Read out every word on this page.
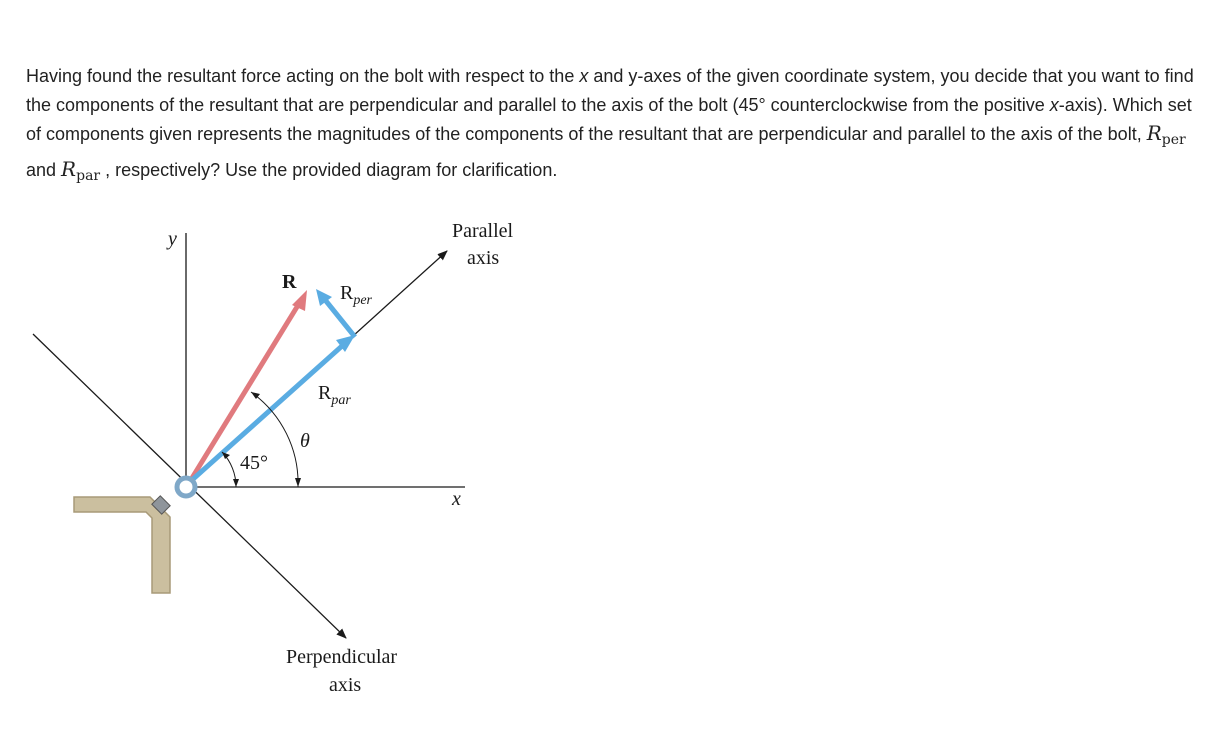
Having found the resultant force acting on the bolt with respect to the x and y-axes of the given coordinate system, you decide that you want to find the components of the resultant that are perpendicular and parallel to the axis of the bolt (45° counterclockwise from the positive x-axis). Which set of components given represents the magnitudes of the components of the resultant that are perpendicular and parallel to the axis of the bolt, $R_{per}$ and $R_{par}$ , respectively? Use the provided diagram for clarification.
y
x
Parallel
axis
Perpendicular
axis
R $R_{per}$
$R_{par}$
45°
θ
